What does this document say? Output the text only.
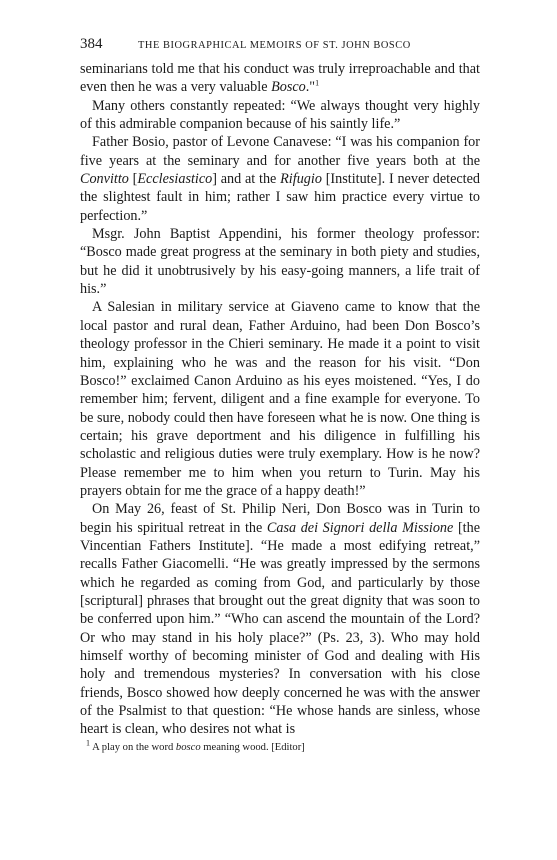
384	THE BIOGRAPHICAL MEMOIRS OF ST. JOHN BOSCO

seminarians told me that his conduct was truly irreproachable and that even then he was a very valuable Bosco."$^1$

Many others constantly repeated: “We always thought very highly of this admirable companion because of his saintly life.”

Father Bosio, pastor of Levone Canavese: “I was his companion for five years at the seminary and for another five years both at the Convitto [Ecclesiastico] and at the Rifugio [Institute]. I never detected the slightest fault in him; rather I saw him practice every virtue to perfection.”

Msgr. John Baptist Appendini, his former theology professor: “Bosco made great progress at the seminary in both piety and studies, but he did it unobtrusively by his easy-going manners, a life trait of his.”

A Salesian in military service at Giaveno came to know that the local pastor and rural dean, Father Arduino, had been Don Bosco’s theology professor in the Chieri seminary. He made it a point to visit him, explaining who he was and the reason for his visit. “Don Bosco!” exclaimed Canon Arduino as his eyes moistened. “Yes, I do remember him; fervent, diligent and a fine example for everyone. To be sure, nobody could then have foreseen what he is now. One thing is certain; his grave deportment and his diligence in fulfilling his scholastic and religious duties were truly exemplary. How is he now? Please remember me to him when you return to Turin. May his prayers obtain for me the grace of a happy death!”

On May 26, feast of St. Philip Neri, Don Bosco was in Turin to begin his spiritual retreat in the Casa dei Signori della Missione [the Vincentian Fathers Institute]. “He made a most edifying retreat,” recalls Father Giacomelli. “He was greatly impressed by the sermons which he regarded as coming from God, and particularly by those [scriptural] phrases that brought out the great dignity that was soon to be conferred upon him.” “Who can ascend the mountain of the Lord? Or who may stand in his holy place?” (Ps. 23, 3). Who may hold himself worthy of becoming minister of God and dealing with His holy and tremendous mysteries? In conversation with his close friends, Bosco showed how deeply concerned he was with the answer of the Psalmist to that question: “He whose hands are sinless, whose heart is clean, who desires not what is

$^1$ A play on the word bosco meaning wood. [Editor]
